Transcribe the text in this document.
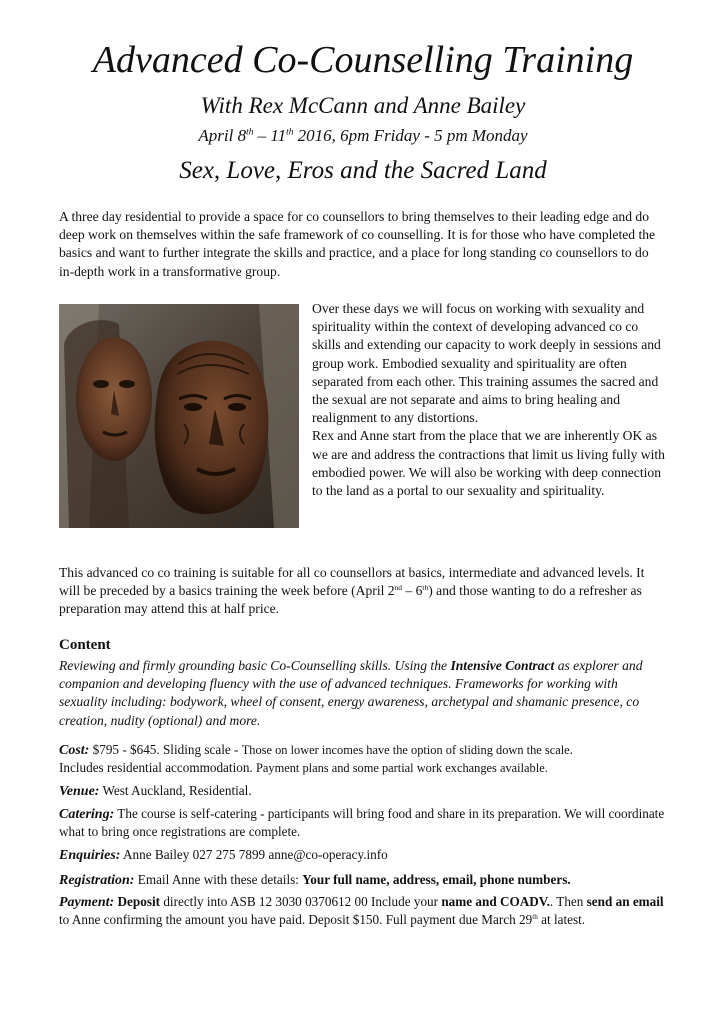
Advanced Co-Counselling Training
With Rex McCann and Anne Bailey
April 8th – 11th 2016, 6pm Friday - 5 pm Monday
Sex, Love, Eros and the Sacred Land

A three day residential to provide a space for co counsellors to bring themselves to their leading edge and do deep work on themselves within the safe framework of co counselling. It is for those who have completed the basics and want to further integrate the skills and practice, and a place for long standing co counsellors to do in-depth work in a transformative group.

Over these days we will focus on working with sexuality and spirituality within the context of developing advanced co co skills and extending our capacity to work deeply in sessions and group work. Embodied sexuality and spirituality are often separated from each other. This training assumes the sacred and the sexual are not separate and aims to bring healing and realignment to any distortions.
Rex and Anne start from the place that we are inherently OK as we are and address the contractions that limit us living fully with embodied power. We will also be working with deep connection to the land as a portal to our sexuality and spirituality.

This advanced co co training is suitable for all co counsellors at basics, intermediate and advanced levels. It will be preceded by a basics training the week before (April 2nd – 6th) and those wanting to do a refresher as preparation may attend this at half price.

Content

Reviewing and firmly grounding basic Co-Counselling skills. Using the Intensive Contract as explorer and companion and developing fluency with the use of advanced techniques. Frameworks for working with sexuality including: bodywork, wheel of consent, energy awareness, archetypal and shamanic presence, co creation, nudity (optional) and more.

Cost: $795 - $645. Sliding scale - Those on lower incomes have the option of sliding down the scale.
Includes residential accommodation. Payment plans and some partial work exchanges available.

Venue: West Auckland, Residential.

Catering: The course is self-catering - participants will bring food and share in its preparation. We will coordinate what to bring once registrations are complete.

Enquiries: Anne Bailey 027 275 7899 anne@co-operacy.info

Registration: Email Anne with these details: Your full name, address, email, phone numbers.

Payment: Deposit directly into ASB 12 3030 0370612 00 Include your name and COADV.. Then send an email to Anne confirming the amount you have paid. Deposit $150. Full payment due March 29th at latest.
